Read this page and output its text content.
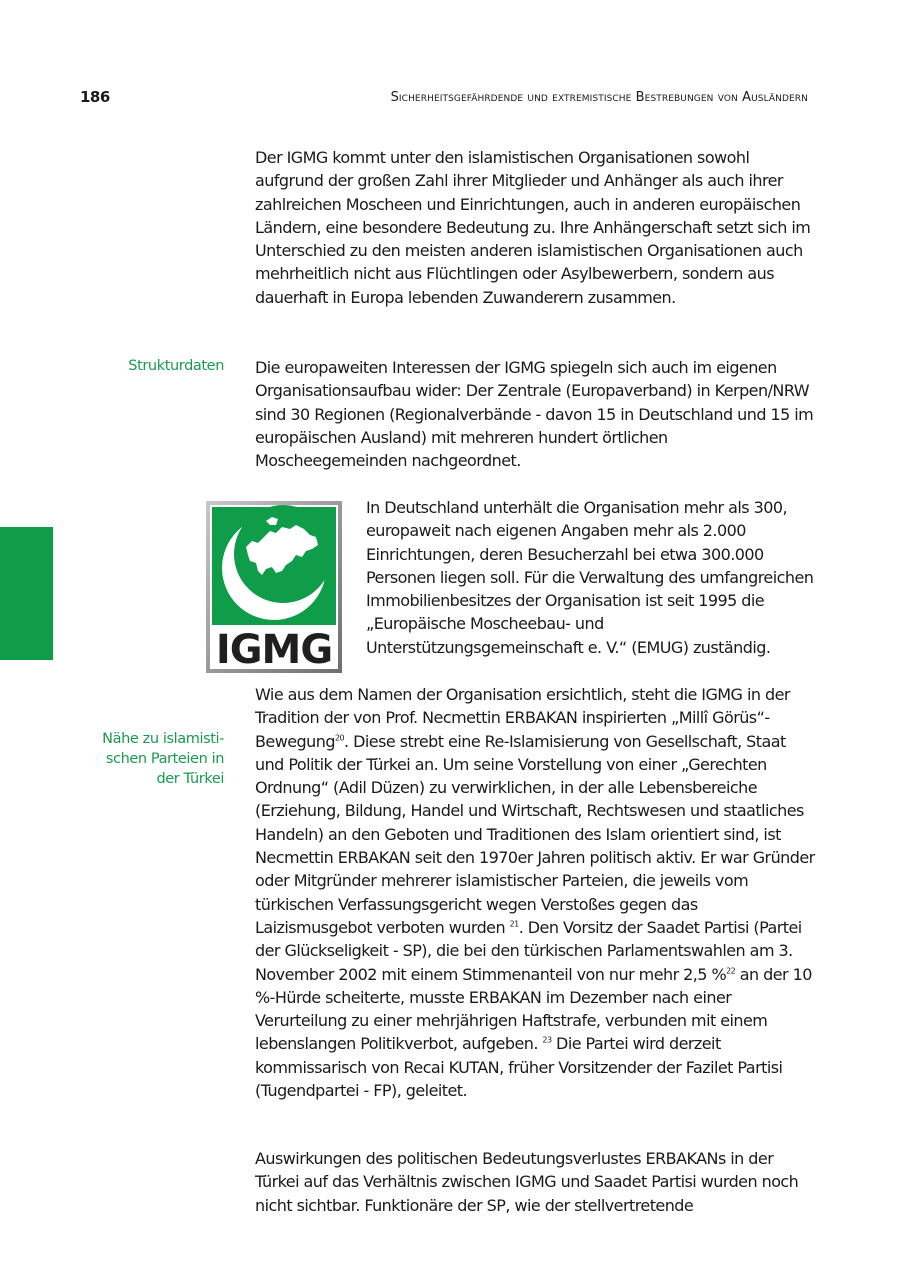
186	Sicherheitsgefährdende und extremistische Bestrebungen von Ausländern

Der IGMG kommt unter den islamistischen Organisationen sowohl aufgrund der großen Zahl ihrer Mitglieder und Anhänger als auch ihrer zahlreichen Moscheen und Einrichtungen, auch in anderen europäischen Ländern, eine besondere Bedeutung zu. Ihre Anhängerschaft setzt sich im Unterschied zu den meisten anderen islamistischen Organisationen auch mehrheitlich nicht aus Flüchtlingen oder Asylbewerbern, sondern aus dauerhaft in Europa lebenden Zuwanderern zusammen.

Strukturdaten Die europaweiten Interessen der IGMG spiegeln sich auch im eigenen Organisationsaufbau wider: Der Zentrale (Europaverband) in Kerpen/NRW sind 30 Regionen (Regionalverbände - davon 15 in Deutschland und 15 im europäischen Ausland) mit mehreren hundert örtlichen Moscheegemeinden nachgeordnet.

IGMG

In Deutschland unterhält die Organisation mehr als 300, europaweit nach eigenen Angaben mehr als 2.000 Einrichtungen, deren Besucherzahl bei etwa 300.000 Personen liegen soll. Für die Verwaltung des umfangreichen Immobilienbesitzes der Organisation ist seit 1995 die „Europäische Moscheebau- und Unterstützungsgemeinschaft e. V.“ (EMUG) zuständig.

Nähe zu islamisti-
schen Parteien in
der Türkei

Wie aus dem Namen der Organisation ersichtlich, steht die IGMG in der Tradition der von Prof. Necmettin ERBAKAN inspirierten „Millî Görüs“-Bewegung$^{20}$. Diese strebt eine Re-Islamisierung von Gesellschaft, Staat und Politik der Türkei an. Um seine Vorstellung von einer „Gerechten Ordnung“ (Adil Düzen) zu verwirklichen, in der alle Lebensbereiche (Erziehung, Bildung, Handel und Wirtschaft, Rechtswesen und staatliches Handeln) an den Geboten und Traditionen des Islam orientiert sind, ist Necmettin ERBAKAN seit den 1970er Jahren politisch aktiv. Er war Gründer oder Mitgründer mehrerer islamistischer Parteien, die jeweils vom türkischen Verfassungsgericht wegen Verstoßes gegen das Laizismusgebot verboten wurden $^{21}$. Den Vorsitz der Saadet Partisi (Partei der Glückseligkeit - SP), die bei den türkischen Parlamentswahlen am 3. November 2002 mit einem Stimmenanteil von nur mehr 2,5 %$^{22}$ an der 10 %-Hürde scheiterte, musste ERBAKAN im Dezember nach einer Verurteilung zu einer mehrjährigen Haftstrafe, verbunden mit einem lebenslangen Politikverbot, aufgeben. $^{23}$ Die Partei wird derzeit kommissarisch von Recai KUTAN, früher Vorsitzender der Fazilet Partisi (Tugendpartei - FP), geleitet.

Auswirkungen des politischen Bedeutungsverlustes ERBAKANs in der Türkei auf das Verhältnis zwischen IGMG und Saadet Partisi wurden noch nicht sichtbar. Funktionäre der SP, wie der stellvertretende
